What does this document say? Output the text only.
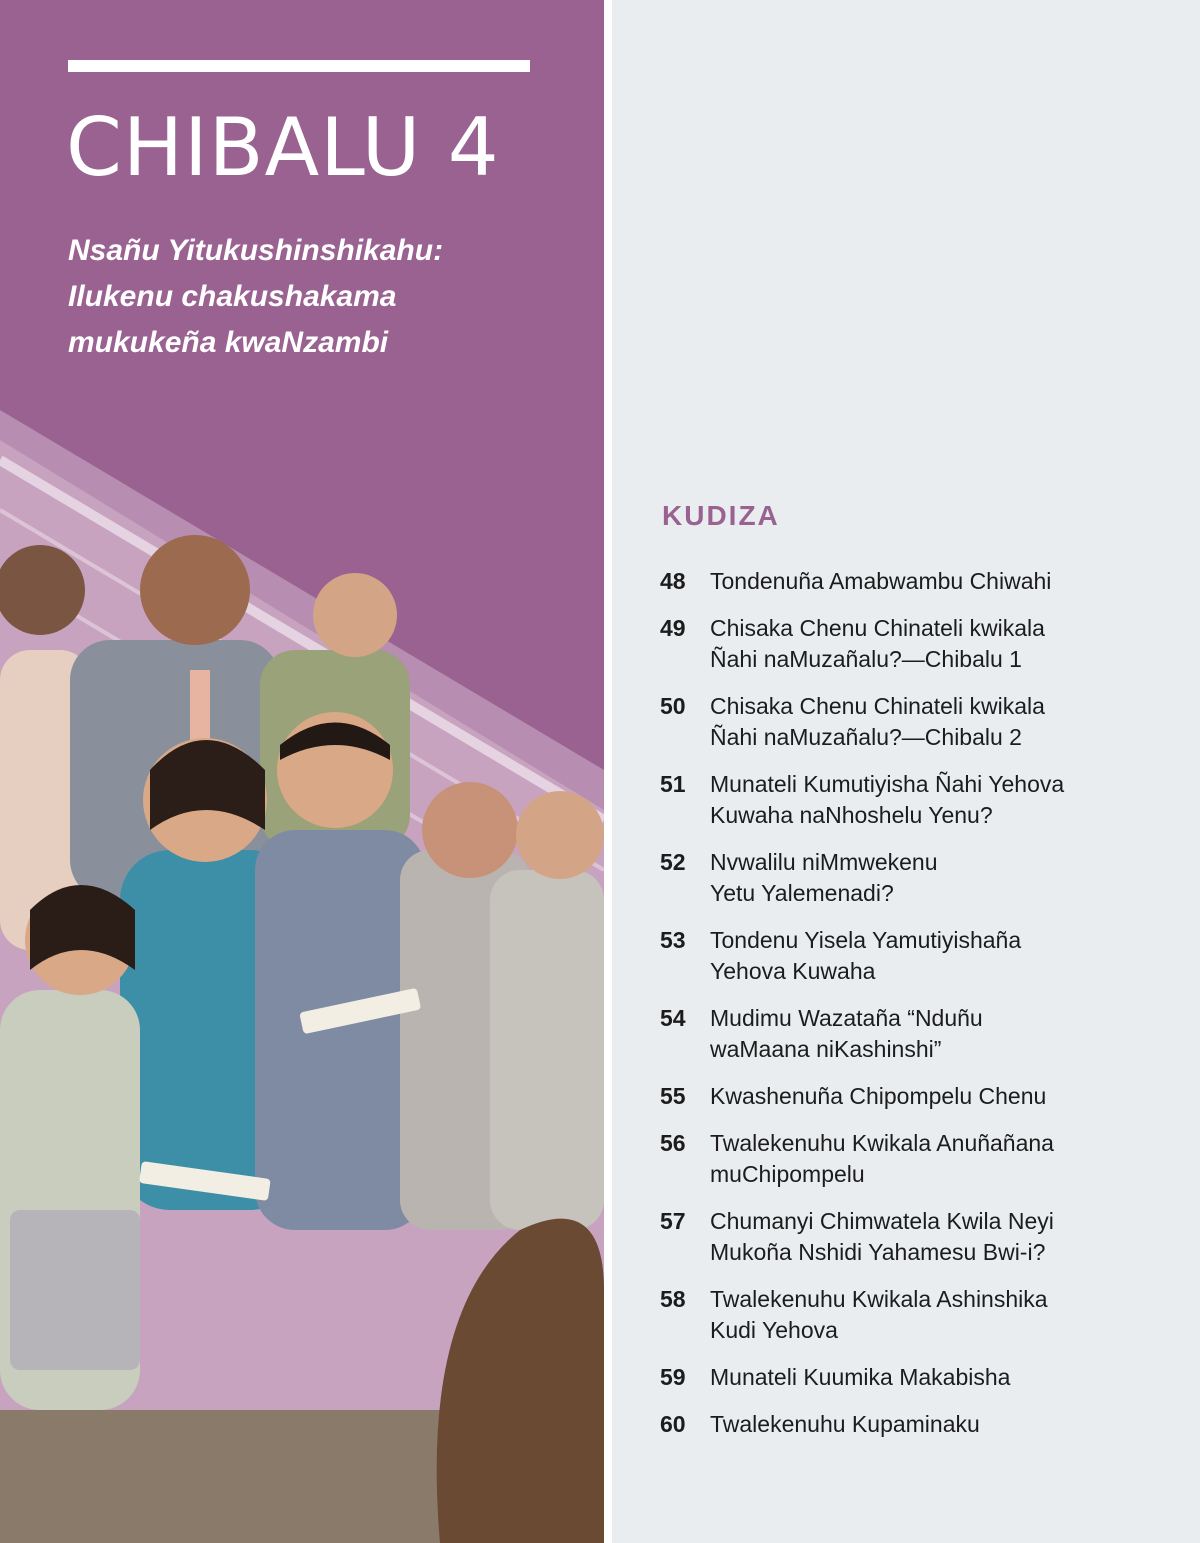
CHIBALU 4
Nsañu Yitukushinshikahu:
Ilukenu chakushakama
mukukeña kwaNzambi
KUDIZA
48 Tondenuña Amabwambu Chiwahi
49 Chisaka Chenu Chinateli kwikala
Ñahi naMuzañalu?—Chibalu 1
50 Chisaka Chenu Chinateli kwikala
Ñahi naMuzañalu?—Chibalu 2
51 Munateli Kumutiyisha Ñahi Yehova
Kuwaha naNhoshelu Yenu?
52 Nvwalilu niMmwekenu
Yetu Yalemenadi?
53 Tondenu Yisela Yamutiyishaña
Yehova Kuwaha
54 Mudimu Wazatаña “Nduñu
waMaana niKashinshi”
55 Kwashenuña Chipompelu Chenu
56 Twalekenuhu Kwikala Anuñañana
muChipompelu
57 Chumanyi Chimwatela Kwila Neyi
Mukoña Nshidi Yahamesu Bwi-i?
58 Twalekenuhu Kwikala Ashinshika
Kudi Yehova
59 Munateli Kuumika Makabisha
60 Twalekenuhu Kupaminaku
